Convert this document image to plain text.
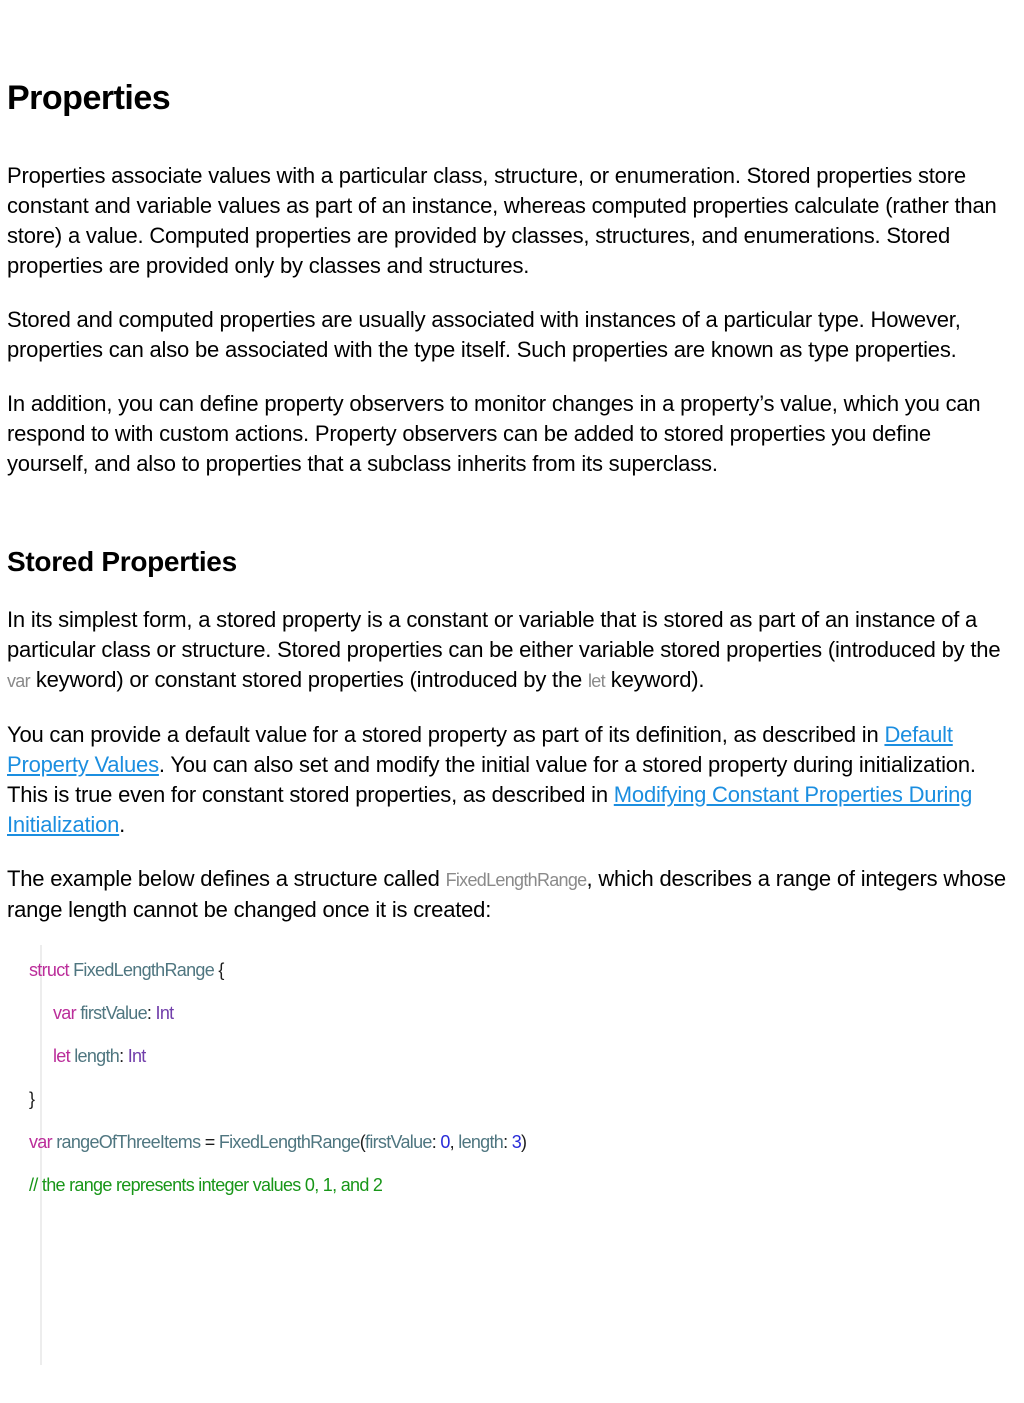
Properties

Properties associate values with a particular class, structure, or enumeration. Stored properties store constant and variable values as part of an instance, whereas computed properties calculate (rather than store) a value. Computed properties are provided by classes, structures, and enumerations. Stored properties are provided only by classes and structures.

Stored and computed properties are usually associated with instances of a particular type. However, properties can also be associated with the type itself. Such properties are known as type properties.

In addition, you can define property observers to monitor changes in a property’s value, which you can respond to with custom actions. Property observers can be added to stored properties you define yourself, and also to properties that a subclass inherits from its superclass.

Stored Properties

In its simplest form, a stored property is a constant or variable that is stored as part of an instance of a particular class or structure. Stored properties can be either variable stored properties (introduced by the var keyword) or constant stored properties (introduced by the let keyword).

You can provide a default value for a stored property as part of its definition, as described in Default Property Values. You can also set and modify the initial value for a stored property during initialization. This is true even for constant stored properties, as described in Modifying Constant Properties During Initialization.

The example below defines a structure called FixedLengthRange, which describes a range of integers whose range length cannot be changed once it is created:

struct FixedLengthRange {
var firstValue: Int
let length: Int
}
var rangeOfThreeItems = FixedLengthRange(firstValue: 0, length: 3)
// the range represents integer values 0, 1, and 2
